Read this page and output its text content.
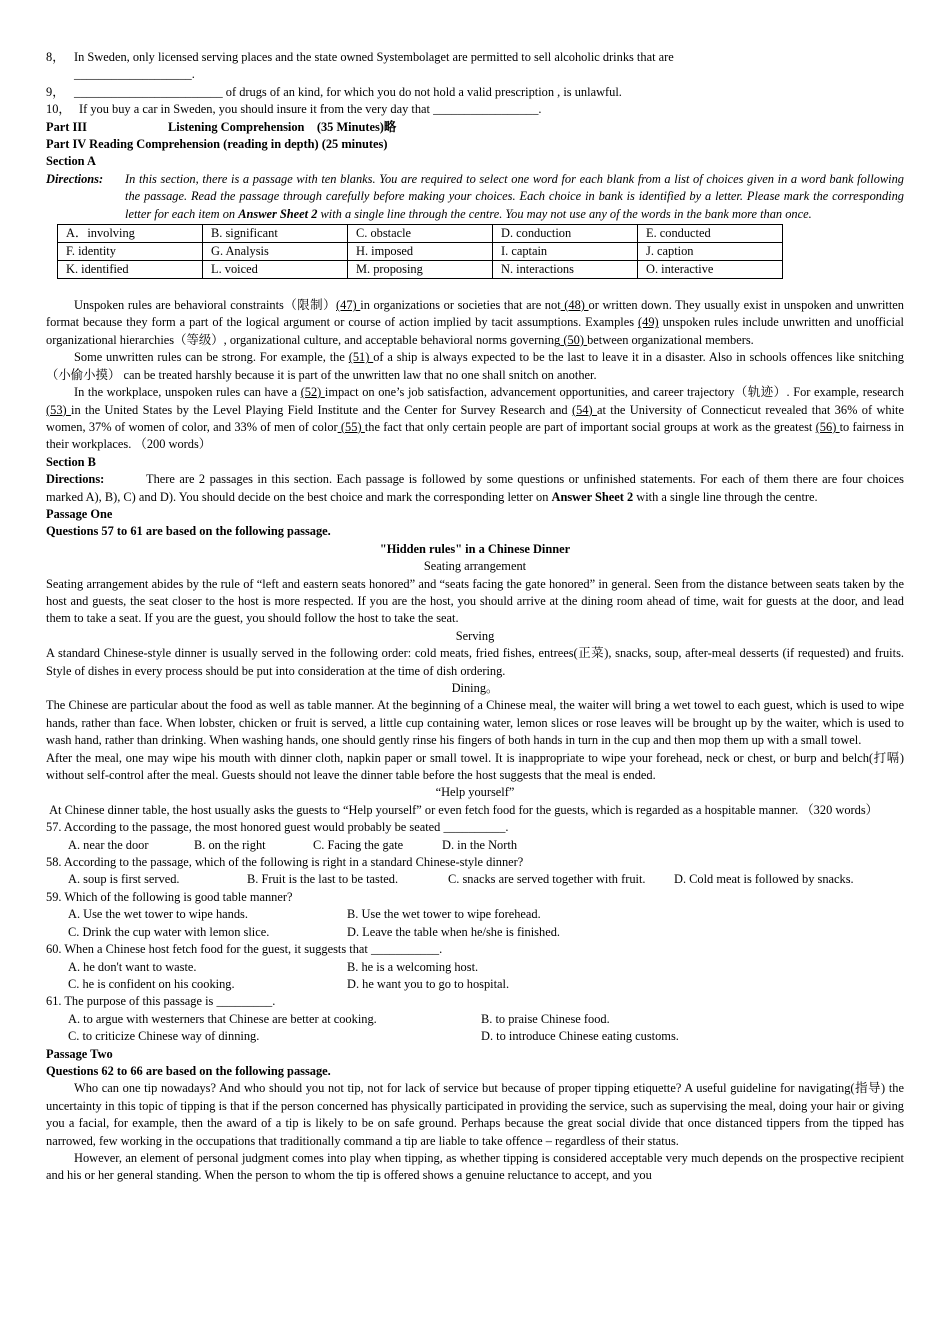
8， In Sweden, only licensed serving places and the state owned Systembolaget are permitted to sell alcoholic drinks that are

___________________.

9， ________________________ of drugs of an kind, for which you do not hold a valid prescription , is unlawful.
10， If you buy a car in Sweden, you should insure it from the very day that _________________.

Part III	Listening Comprehension　(35 Minutes)略

Part IV Reading Comprehension (reading in depth) (25 minutes)

Section A

Directions:	In this section, there is a passage with ten blanks. You are required to select one word for each blank from a list of choices given in a word bank following the passage. Read the passage through carefully before making your choices. Each choice in bank is identified by a letter. Please mark the corresponding letter for each item on Answer Sheet 2 with a single line through the centre. You may not use any of the words in the bank more than once.
A．involving	B. significant	C. obstacle	D. conduction	E. conducted
F. identity	G. Analysis	H. imposed	I. captain	J. caption
K. identified	L. voiced	M. proposing	N. interactions	O. interactive

Unspoken rules are behavioral constraints（限制）(47) in organizations or societies that are not (48) or written down. They usually exist in unspoken and unwritten format because they form a part of the logical argument or course of action implied by tacit assumptions. Examples (49) unspoken rules include unwritten and unofficial organizational hierarchies（等级）, organizational culture, and acceptable behavioral norms governing (50) between organizational members.

Some unwritten rules can be strong. For example, the (51) of a ship is always expected to be the last to leave it in a disaster. Also in schools offences like snitching（小偷小摸） can be treated harshly because it is part of the unwritten law that no one shall snitch on another.

In the workplace, unspoken rules can have a (52) impact on one’s job satisfaction, advancement opportunities, and career trajectory（轨迹）. For example, research (53) in the United States by the Level Playing Field Institute and the Center for Survey Research and (54) at the University of Connecticut revealed that 36% of white women, 37% of women of color, and 33% of men of color (55) the fact that only certain people are part of important social groups at work as the greatest (56) to fairness in their workplaces. （200 words）

Section B

Directions:	There are 2 passages in this section. Each passage is followed by some questions or unfinished statements. For each of them there are four choices marked A), B), C) and D). You should decide on the best choice and mark the corresponding letter on Answer Sheet 2 with a single line through the centre.

Passage One

Questions 57 to 61 are based on the following passage.

"Hidden rules" in a Chinese Dinner

Seating arrangement

Seating arrangement abides by the rule of “left and eastern seats honored” and “seats facing the gate honored” in general. Seen from the distance between seats taken by the host and guests, the seat closer to the host is more respected. If you are the host, you should arrive at the dining room ahead of time, wait for guests at the door, and lead them to take a seat. If you are the guest, you should follow the host to take the seat.

Serving

A standard Chinese-style dinner is usually served in the following order: cold meats, fried fishes, entrees(正菜), snacks, soup, after-meal desserts (if requested) and fruits. Style of dishes in every process should be put into consideration at the time of dish ordering.

Dining。

The Chinese are particular about the food as well as table manner. At the beginning of a Chinese meal, the waiter will bring a wet towel to each guest, which is used to wipe hands, rather than face. When lobster, chicken or fruit is served, a little cup containing water, lemon slices or rose leaves will be brought up by the waiter, which is used to wash hand, rather than drinking. When washing hands, one should gently rinse his fingers of both hands in turn in the cup and then mop them up with a small towel.

After the meal, one may wipe his mouth with dinner cloth, napkin paper or small towel. It is inappropriate to wipe your forehead, neck or chest, or burp and belch(打嗝) without self-control after the meal. Guests should not leave the dinner table before the host suggests that the meal is ended.

“Help yourself”

At Chinese dinner table, the host usually asks the guests to “Help yourself” or even fetch food for the guests, which is regarded as a hospitable manner. （320 words）

57. According to the passage, the most honored guest would probably be seated __________.

A. near the door	B. on the right	C. Facing the gate	D. in the North

58. According to the passage, which of the following is right in a standard Chinese-style dinner?

A. soup is first served.	B. Fruit is the last to be tasted.	C. snacks are served together with fruit.	D. Cold meat is followed by snacks.

59. Which of the following is good table manner?

A. Use the wet tower to wipe hands.	B. Use the wet tower to wipe forehead.
C. Drink the cup water with lemon slice.	D. Leave the table when he/she is finished.

60. When a Chinese host fetch food for the guest, it suggests that ___________.

A. he don't want to waste.	B. he is a welcoming host.
C. he is confident on his cooking.	D. he want you to go to hospital.

61. The purpose of this passage is _________.

A. to argue with westerners that Chinese are better at cooking.	B. to praise Chinese food.
C. to criticize Chinese way of dinning.	D. to introduce Chinese eating customs.

Passage Two

Questions 62 to 66 are based on the following passage.

Who can one tip nowadays? And who should you not tip, not for lack of service but because of proper tipping etiquette? A useful guideline for navigating(指导) the uncertainty in this topic of tipping is that if the person concerned has physically participated in providing the service, such as supervising the meal, doing your hair or giving you a facial, for example, then the award of a tip is likely to be on safe ground. Perhaps because the great social divide that once distanced tippers from the tipped has narrowed, few working in the occupations that traditionally command a tip are liable to take offence – regardless of their status.

However, an element of personal judgment comes into play when tipping, as whether tipping is considered acceptable very much depends on the prospective recipient and his or her general standing. When the person to whom the tip is offered shows a genuine reluctance to accept, and you
